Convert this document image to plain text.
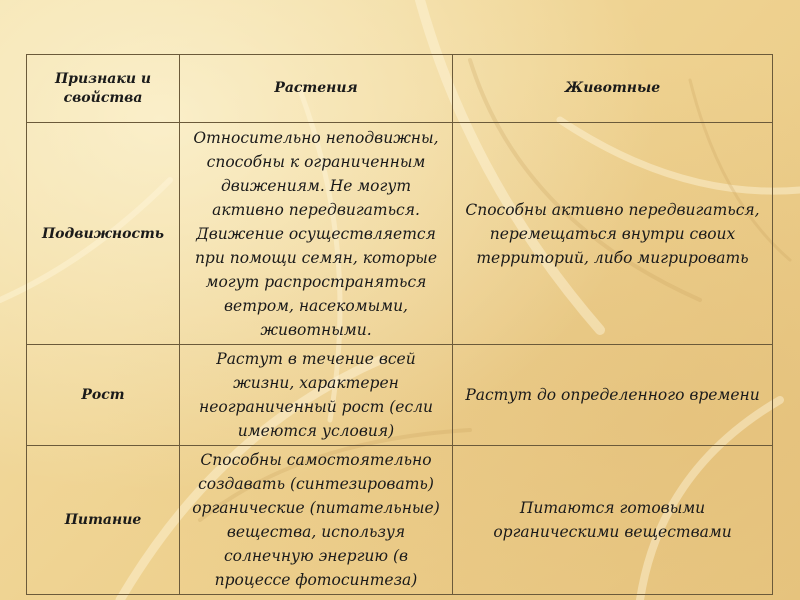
Признаки и свойства	Растения	Животные
Подвижность	Относительно неподвижны, способны к ограниченным движениям. Не могут активно передвигаться. Движение осуществляется при помощи семян, которые могут распространяться ветром, насекомыми, животными.	Способны активно передвигаться, перемещаться внутри своих территорий, либо мигрировать
Рост	Растут в течение всей жизни, характерен неограниченный рост (если имеются условия)	Растут до определенного времени
Питание	Способны самостоятельно создавать (синтезировать) органические (питательные) вещества, используя солнечную энергию (в процессе фотосинтеза)	Питаются готовыми органическими веществами
